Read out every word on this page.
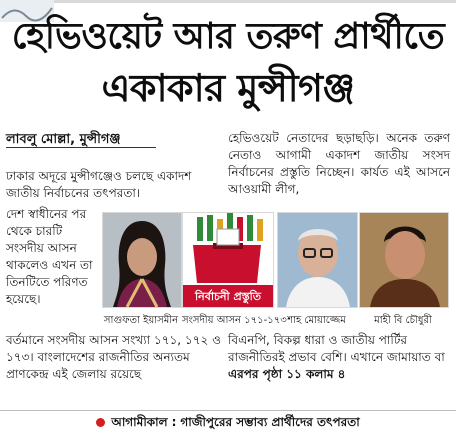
হেভিওয়েট আর তরুণ প্রার্থীতে
একাকার মুন্সীগঞ্জ
লাবলু মোল্লা, মুন্সীগঞ্জ

ঢাকার অদূরে মুন্সীগঞ্জেও চলছে একাদশ জাতীয় নির্বাচনের তৎপরতা।

দেশ স্বাধীনের পর থেকে চারটি সংসদীয় আসন থাকলেও এখন তা তিনটিতে পরিণত হয়েছে।

হেভিওয়েট নেতাদের ছড়াছড়ি। অনেক তরুণ নেতাও আগামী একাদশ জাতীয় সংসদ নির্বাচনের প্রস্তুতি নিচ্ছেন। কার্যত এই আসনে আওয়ামী লীগ,

নির্বাচনী প্রস্তুতি
সাগুফতা ইয়াসমীন সংসদীয় আসন ১৭১-১৭৩ শাহ মোয়াজ্জেম	মাহী বি চৌধুরী

বর্তমানে সংসদীয় আসন সংখ্যা ১৭১, ১৭২ ও ১৭৩। বাংলাদেশের রাজনীতির অন্যতম প্রাণকেন্দ্র এই জেলায় রয়েছে

বিএনপি, বিকল্প ধারা ও জাতীয় পার্টির রাজনীতিরই প্রভাব বেশি। এখানে জামায়াত বা এরপর পৃষ্ঠা ১১ কলাম ৪

আগামীকাল : গাজীপুরের সম্ভাব্য প্রার্থীদের তৎপরতা
